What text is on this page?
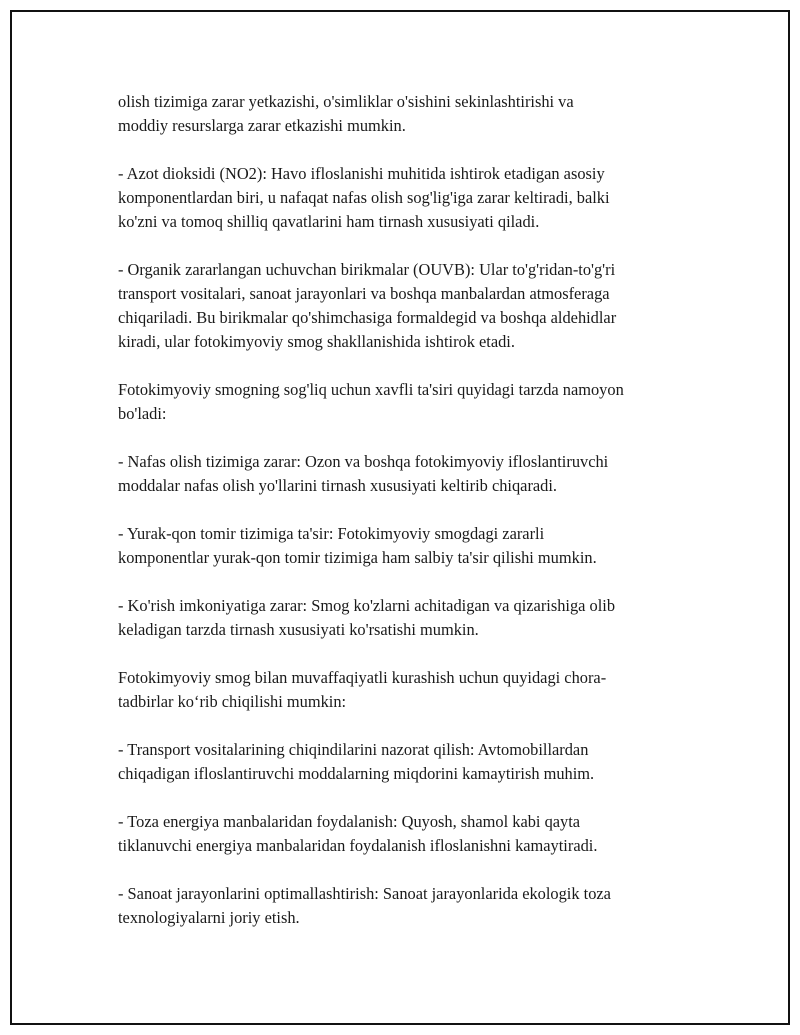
olish tizimiga zarar yetkazishi, o'simliklar o'sishini sekinlashtirishi va
moddiy resurslarga zarar etkazishi mumkin.

- Azot dioksidi (NO2): Havo ifloslanishi muhitida ishtirok etadigan asosiy
komponentlardan biri, u nafaqat nafas olish sog'lig'iga zarar keltiradi, balki
ko'zni va tomoq shilliq qavatlarini ham tirnash xususiyati qiladi.

- Organik zararlangan uchuvchan birikmalar (OUVB): Ular to'g'ridan-to'g'ri
transport vositalari, sanoat jarayonlari va boshqa manbalardan atmosferaga
chiqariladi. Bu birikmalar qo'shimchasiga formaldegid va boshqa aldehidlar
kiradi, ular fotokimyoviy smog shakllanishida ishtirok etadi.

Fotokimyoviy smogning sog'liq uchun xavfli ta'siri quyidagi tarzda namoyon
bo'ladi:

- Nafas olish tizimiga zarar: Ozon va boshqa fotokimyoviy ifloslantiruvchi
moddalar nafas olish yo'llarini tirnash xususiyati keltirib chiqaradi.

- Yurak-qon tomir tizimiga ta'sir: Fotokimyoviy smogdagi zararli
komponentlar yurak-qon tomir tizimiga ham salbiy ta'sir qilishi mumkin.

- Ko'rish imkoniyatiga zarar: Smog ko'zlarni achitadigan va qizarishiga olib
keladigan tarzda tirnash xususiyati ko'rsatishi mumkin.

Fotokimyoviy smog bilan muvaffaqiyatli kurashish uchun quyidagi chora-
tadbirlar ko‘rib chiqilishi mumkin:

- Transport vositalarining chiqindilarini nazorat qilish: Avtomobillardan
chiqadigan ifloslantiruvchi moddalarning miqdorini kamaytirish muhim.

- Toza energiya manbalaridan foydalanish: Quyosh, shamol kabi qayta
tiklanuvchi energiya manbalaridan foydalanish ifloslanishni kamaytiradi.

- Sanoat jarayonlarini optimallashtirish: Sanoat jarayonlarida ekologik toza
texnologiyalarni joriy etish.
